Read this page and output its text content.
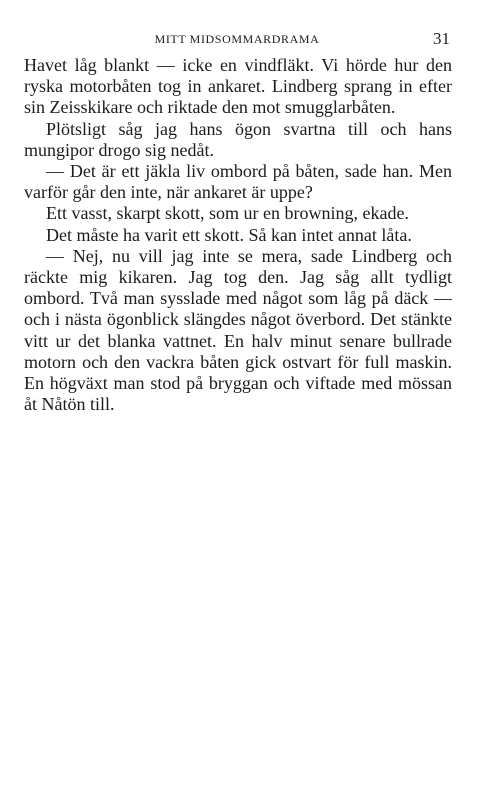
MITT MIDSOMMARDRAMA	31

Havet låg blankt — icke en vindfläkt. Vi hörde hur den ryska motorbåten tog in ankaret. Lindberg sprang in efter sin Zeisskikare och riktade den mot smugglarbåten.

Plötsligt såg jag hans ögon svartna till och hans mungipor drogo sig nedåt.

— Det är ett jäkla liv ombord på båten, sade han. Men varför går den inte, när ankaret är uppe?

Ett vasst, skarpt skott, som ur en browning, ekade.

Det måste ha varit ett skott. Så kan intet annat låta.

— Nej, nu vill jag inte se mera, sade Lindberg och räckte mig kikaren. Jag tog den. Jag såg allt tydligt ombord. Två man sysslade med något som låg på däck — och i nästa ögonblick slängdes något överbord. Det stänkte vitt ur det blanka vattnet. En halv minut senare bullrade motorn och den vackra båten gick ostvart för full maskin. En högväxt man stod på bryggan och viftade med mössan åt Nåtön till.
